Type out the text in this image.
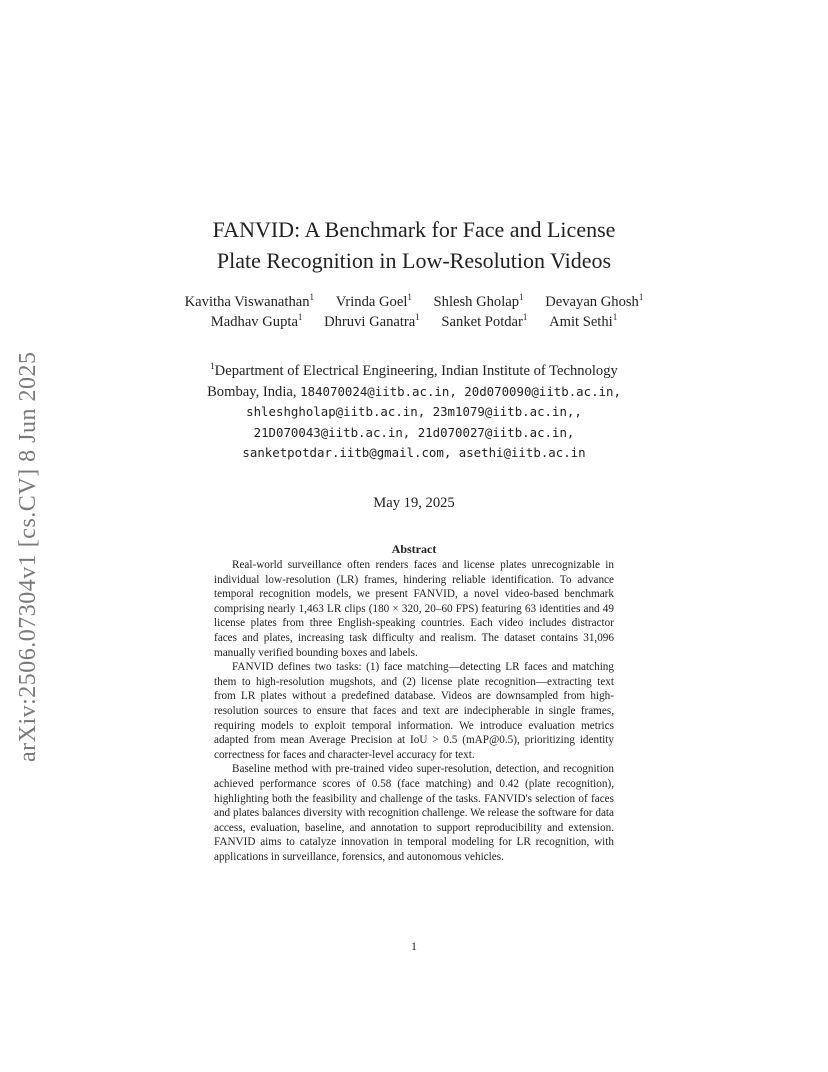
arXiv:2506.07304v1 [cs.CV] 8 Jun 2025
FANVID: A Benchmark for Face and License
Plate Recognition in Low-Resolution Videos
Kavitha Viswanathan$^1$ Vrinda Goel$^1$ Shlesh Gholap$^1$ Devayan Ghosh$^1$ Madhav Gupta$^1$ Dhruvi Ganatra$^1$ Sanket Potdar$^1$ Amit Sethi$^1$
$^1$Department of Electrical Engineering, Indian Institute of Technology Bombay, India, 184070024@iitb.ac.in, 20d070090@iitb.ac.in, shleshgholap@iitb.ac.in, 23m1079@iitb.ac.in,, 21D070043@iitb.ac.in, 21d070027@iitb.ac.in, sanketpotdar.iitb@gmail.com, asethi@iitb.ac.in
May 19, 2025
Abstract

Real-world surveillance often renders faces and license plates unrecognizable in individual low-resolution (LR) frames, hindering reliable identification. To advance temporal recognition models, we present FANVID, a novel video-based benchmark comprising nearly 1,463 LR clips (180 × 320, 20–60 FPS) featuring 63 identities and 49 license plates from three English-speaking countries. Each video includes distractor faces and plates, increasing task difficulty and realism. The dataset contains 31,096 manually verified bounding boxes and labels.

FANVID defines two tasks: (1) face matching—detecting LR faces and matching them to high-resolution mugshots, and (2) license plate recognition—extracting text from LR plates without a predefined database. Videos are downsampled from high-resolution sources to ensure that faces and text are indecipherable in single frames, requiring models to exploit temporal information. We introduce evaluation metrics adapted from mean Average Precision at IoU > 0.5 (mAP@0.5), prioritizing identity correctness for faces and character-level accuracy for text.

Baseline method with pre-trained video super-resolution, detection, and recognition achieved performance scores of 0.58 (face matching) and 0.42 (plate recognition), highlighting both the feasibility and challenge of the tasks. FANVID's selection of faces and plates balances diversity with recognition challenge. We release the software for data access, evaluation, baseline, and annotation to support reproducibility and extension. FANVID aims to catalyze innovation in temporal modeling for LR recognition, with applications in surveillance, forensics, and autonomous vehicles.

1
